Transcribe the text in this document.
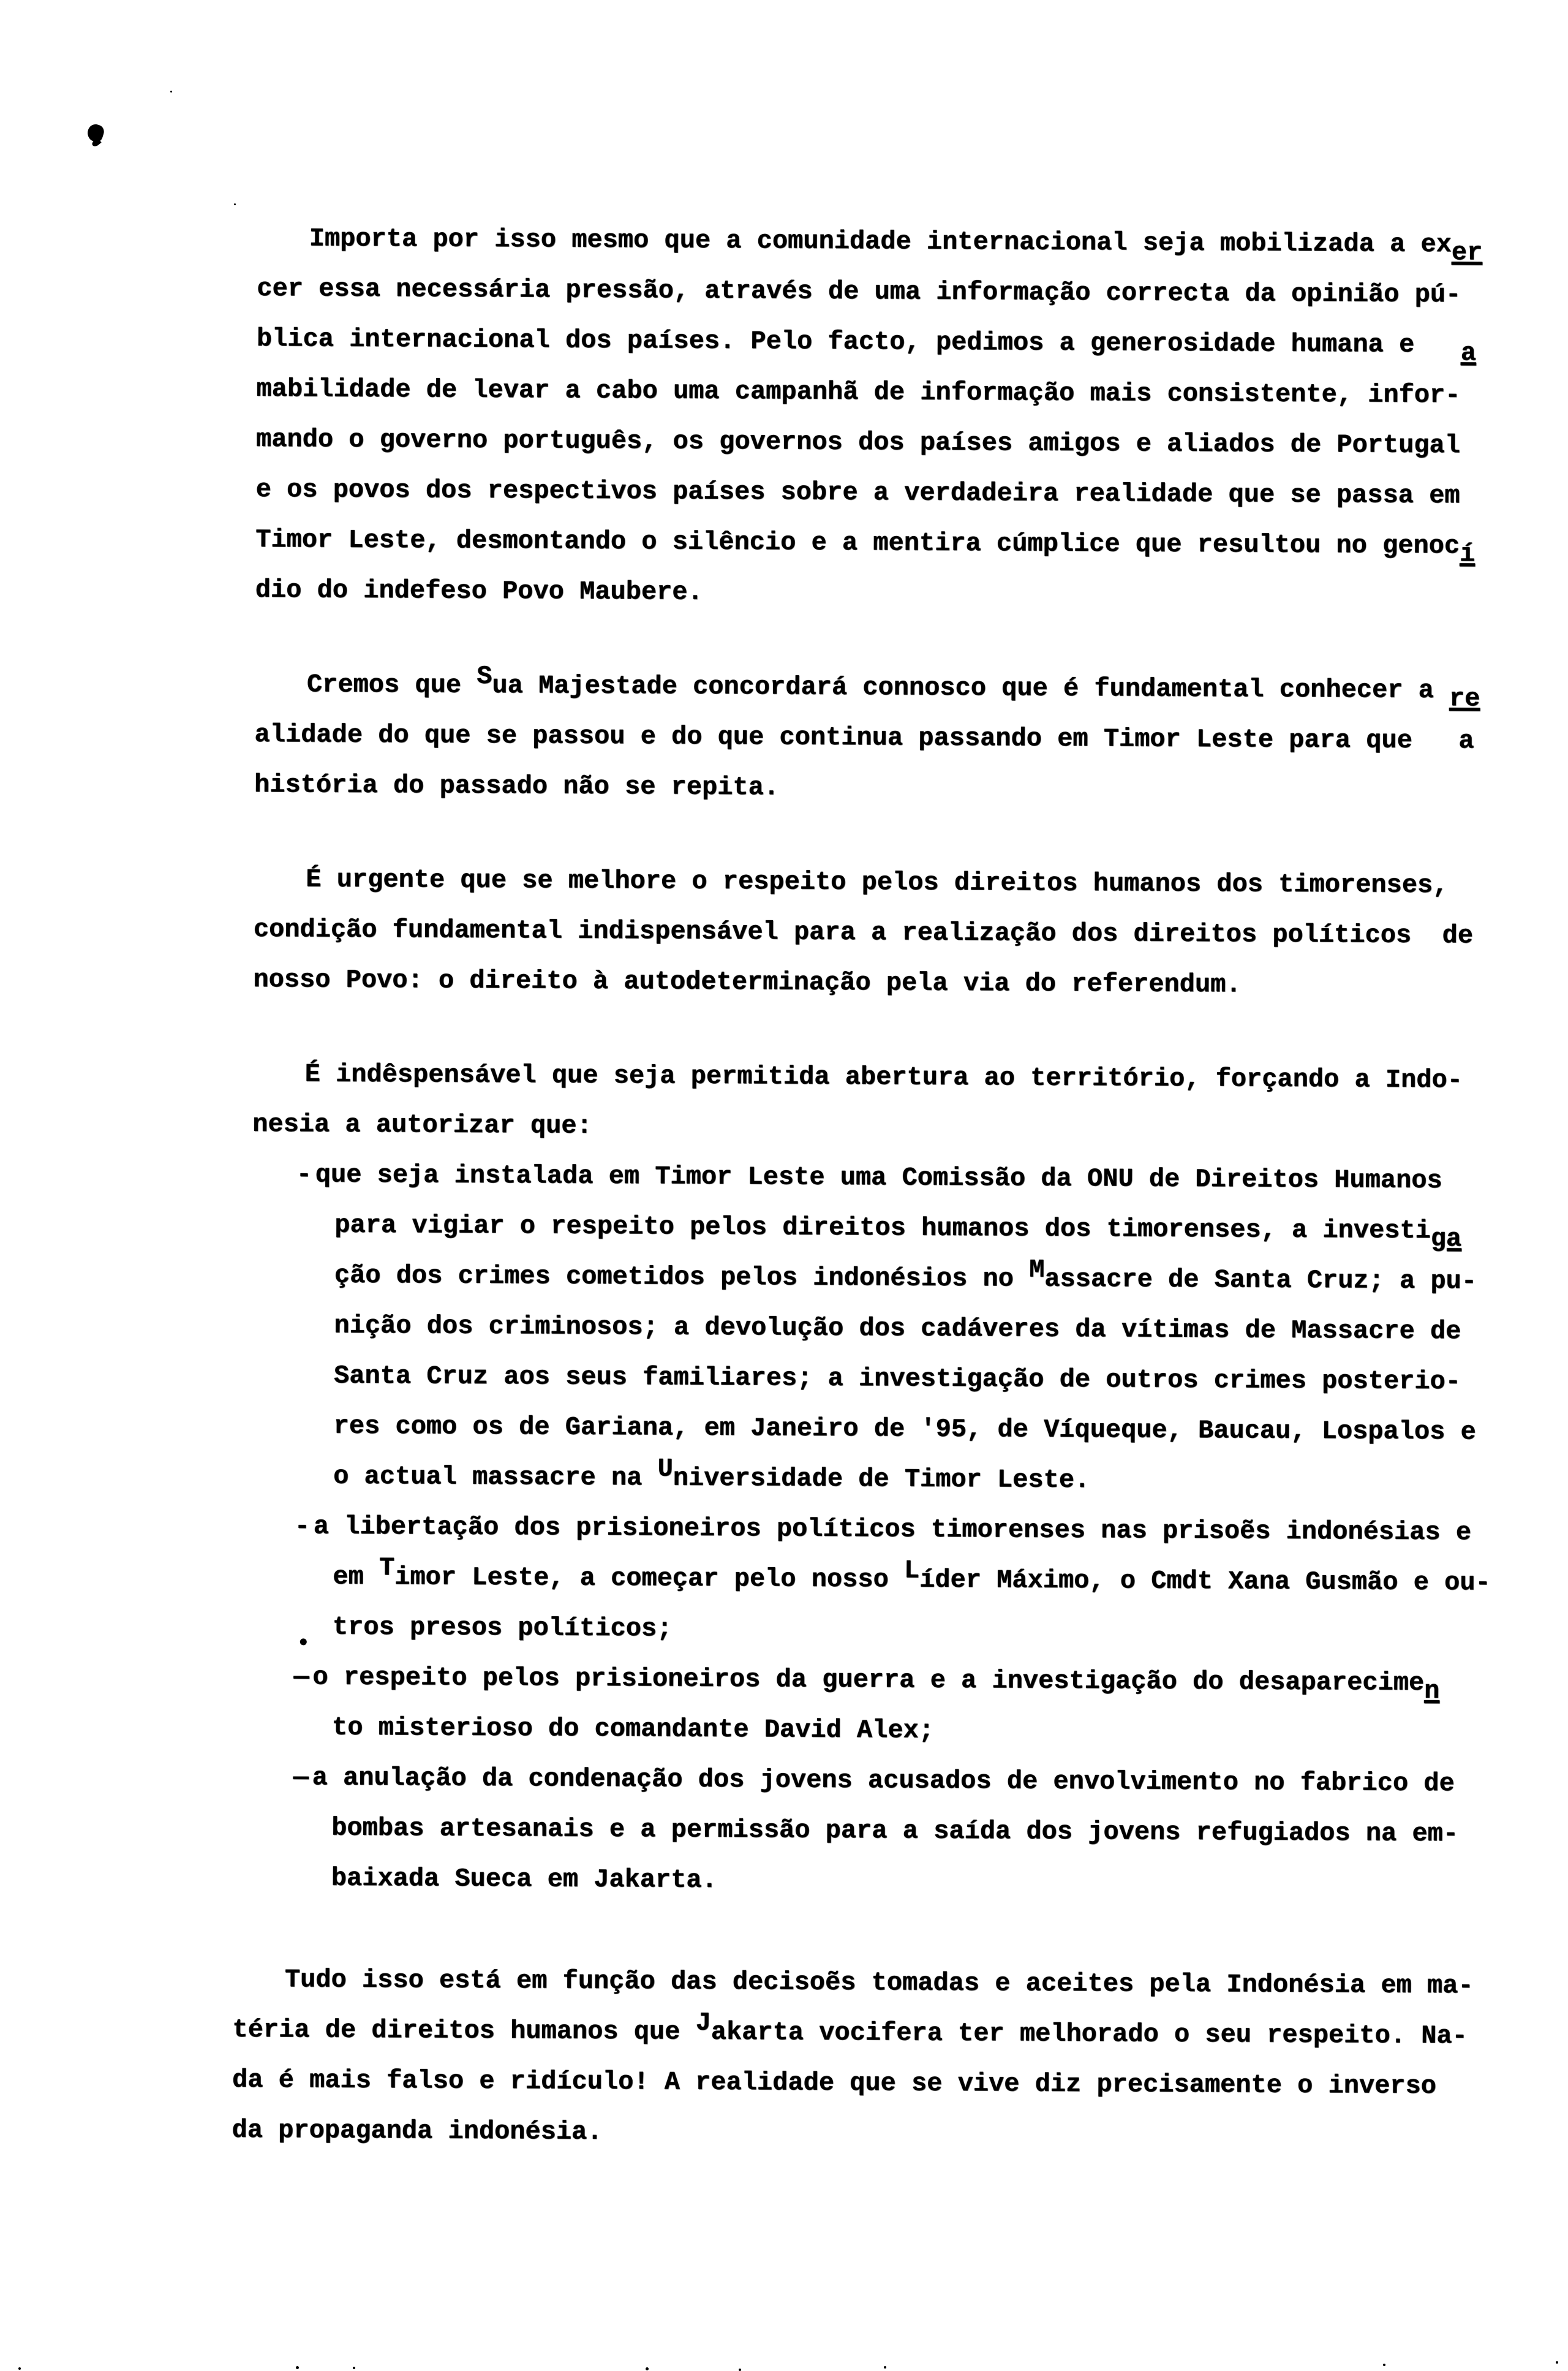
Importa por isso mesmo que a comunidade internacional seja mobilizada a exer
cer essa necessária pressão, através de uma informação correcta da opinião pú-
blica internacional dos países. Pelo facto, pedimos a generosidade humana e   a
mabilidade de levar a cabo uma campanhã de informação mais consistente, infor-
mando o governo português, os governos dos países amigos e aliados de Portugal
e os povos dos respectivos países sobre a verdadeira realidade que se passa em
Timor Leste, desmontando o silêncio e a mentira cúmplice que resultou no genocí
dio do indefeso Povo Maubere.
Cremos que Sua Majestade concordará connosco que é fundamental conhecer a re
alidade do que se passou e do que continua passando em Timor Leste para que   a
história do passado não se repita.
É urgente que se melhore o respeito pelos direitos humanos dos timorenses,
condição fundamental indispensável para a realização dos direitos políticos  de
nosso Povo: o direito à autodeterminação pela via do referendum.
É indêspensável que seja permitida abertura ao território, forçando a Indo-
nesia a autorizar que:
- que seja instalada em Timor Leste uma Comissão da ONU de Direitos Humanos
para vigiar o respeito pelos direitos humanos dos timorenses, a investiga
ção dos crimes cometidos pelos indonésios no Massacre de Santa Cruz; a pu-
nição dos criminosos; a devolução dos cadáveres da vítimas de Massacre de
Santa Cruz aos seus familiares; a investigação de outros crimes posterio-
res como os de Gariana, em Janeiro de '95, de Víqueque, Baucau, Lospalos e
o actual massacre na Universidade de Timor Leste.
- a libertação dos prisioneiros políticos timorenses nas prisoẽs indonésias e
em Timor Leste, a começar pelo nosso Líder Máximo, o Cmdt Xana Gusmão e ou-
tros presos políticos;
— o respeito pelos prisioneiros da guerra e a investigação do desaparecimen
to misterioso do comandante David Alex;
— a anulação da condenação dos jovens acusados de envolvimento no fabrico de
bombas artesanais e a permissão para a saída dos jovens refugiados na em-
baixada Sueca em Jakarta.
Tudo isso está em função das decisoẽs tomadas e aceites pela Indonésia em ma-
téria de direitos humanos que Jakarta vocifera ter melhorado o seu respeito. Na-
da é mais falso e ridículo! A realidade que se vive diz precisamente o inverso
da propaganda indonésia.
